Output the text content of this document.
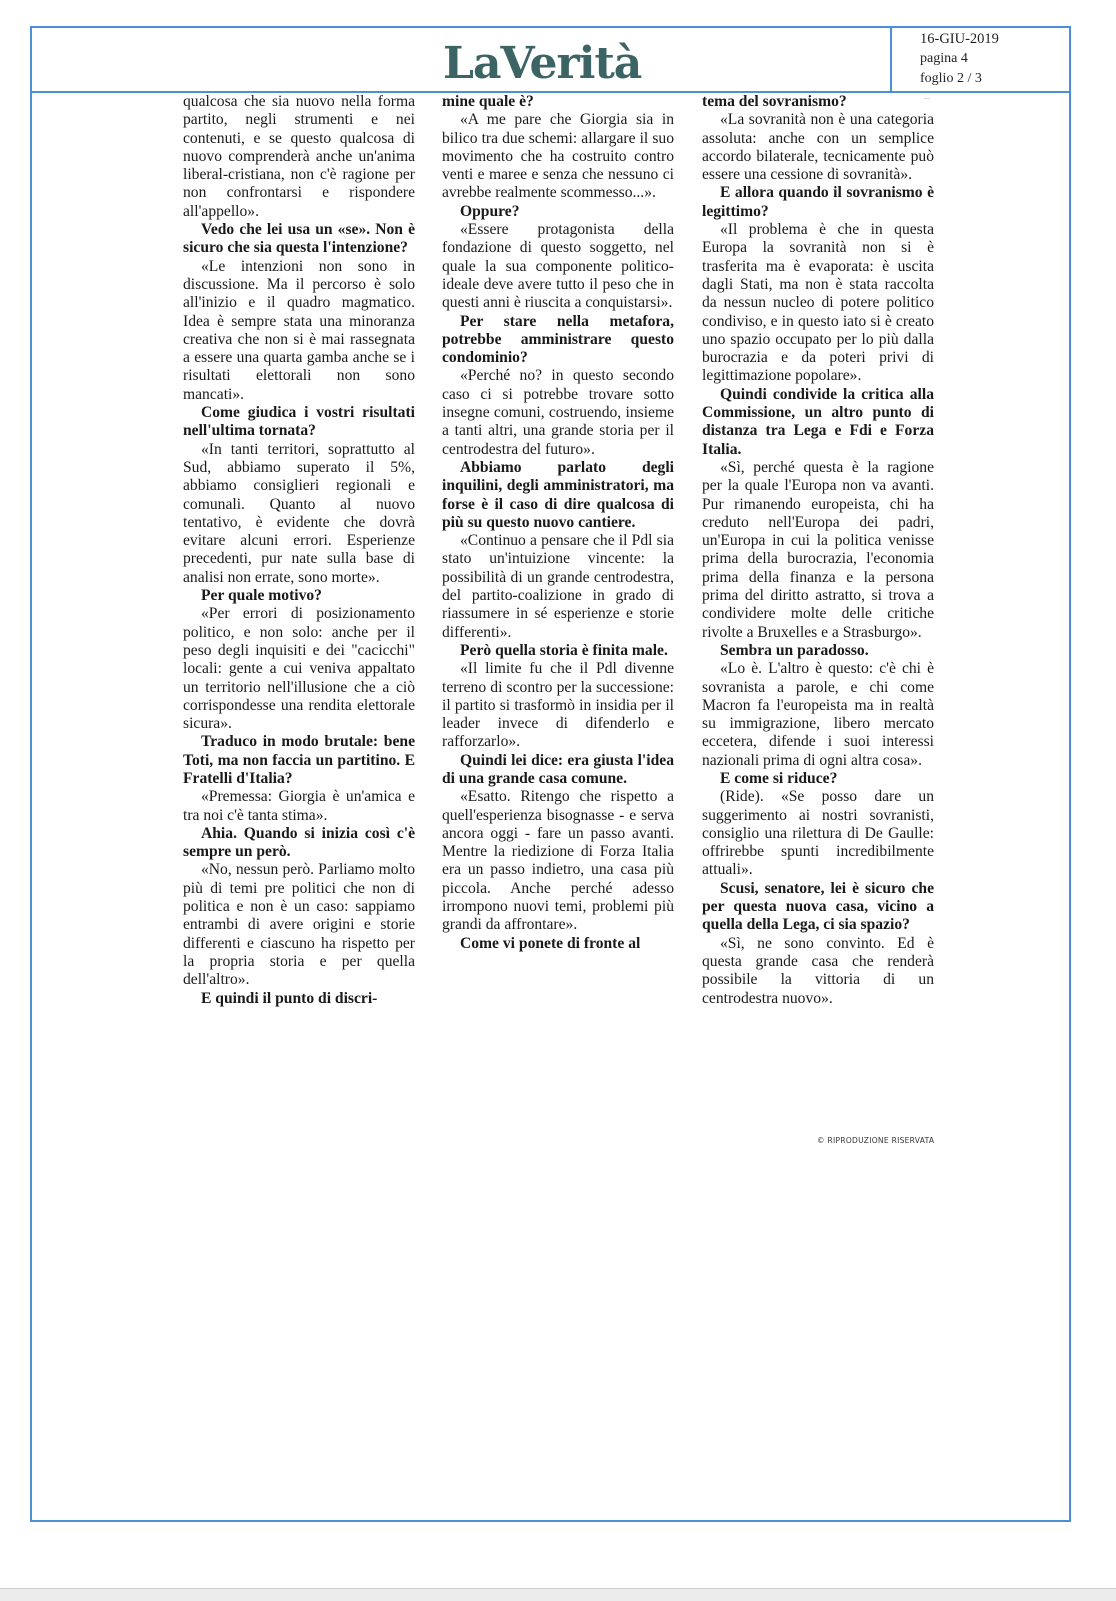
LaVerità	16-GIU-2019
pagina 4
foglio 2 / 3
···

qualcosa che sia nuovo nella forma partito, negli strumenti e nei contenuti, e se questo qualcosa di nuovo comprenderà anche un'anima liberal-cristiana, non c'è ragione per non confrontarsi e rispondere all'appello».

Vedo che lei usa un «se». Non è sicuro che sia questa l'intenzione?

«Le intenzioni non sono in discussione. Ma il percorso è solo all'inizio e il quadro magmatico. Idea è sempre stata una minoranza creativa che non si è mai rassegnata a essere una quarta gamba anche se i risultati elettorali non sono mancati».

Come giudica i vostri risultati nell'ultima tornata?

«In tanti territori, soprattutto al Sud, abbiamo superato il 5%, abbiamo consiglieri regionali e comunali. Quanto al nuovo tentativo, è evidente che dovrà evitare alcuni errori. Esperienze precedenti, pur nate sulla base di analisi non errate, sono morte».

Per quale motivo?

«Per errori di posizionamento politico, e non solo: anche per il peso degli inquisiti e dei "cacicchi" locali: gente a cui veniva appaltato un territorio nell'illusione che a ciò corrispondesse una rendita elettorale sicura».

Traduco in modo brutale: bene Toti, ma non faccia un partitino. E Fratelli d'Italia?

«Premessa: Giorgia è un'amica e tra noi c'è tanta stima».

Ahia. Quando si inizia così c'è sempre un però.

«No, nessun però. Parliamo molto più di temi pre politici che non di politica e non è un caso: sappiamo entrambi di avere origini e storie differenti e ciascuno ha rispetto per la propria storia e per quella dell'altro».

E quindi il punto di discri-

mine quale è?

«A me pare che Giorgia sia in bilico tra due schemi: allargare il suo movimento che ha costruito contro venti e maree e senza che nessuno ci avrebbe realmente scommesso...».

Oppure?

«Essere protagonista della fondazione di questo soggetto, nel quale la sua componente politico-ideale deve avere tutto il peso che in questi anni è riuscita a conquistarsi».

Per stare nella metafora, potrebbe amministrare questo condominio?

«Perché no? in questo secondo caso ci si potrebbe trovare sotto insegne comuni, costruendo, insieme a tanti altri, una grande storia per il centrodestra del futuro».

Abbiamo parlato degli inquilini, degli amministratori, ma forse è il caso di dire qualcosa di più su questo nuovo cantiere.

«Continuo a pensare che il Pdl sia stato un'intuizione vincente: la possibilità di un grande centrodestra, del partito-coalizione in grado di riassumere in sé esperienze e storie differenti».

Però quella storia è finita male.

«Il limite fu che il Pdl divenne terreno di scontro per la successione: il partito si trasformò in insidia per il leader invece di difenderlo e rafforzarlo».

Quindi lei dice: era giusta l'idea di una grande casa comune.

«Esatto. Ritengo che rispetto a quell'esperienza bisognasse - e serva ancora oggi - fare un passo avanti. Mentre la riedizione di Forza Italia era un passo indietro, una casa più piccola. Anche perché adesso irrompono nuovi temi, problemi più grandi da affrontare».

Come vi ponete di fronte al

tema del sovranismo?

«La sovranità non è una categoria assoluta: anche con un semplice accordo bilaterale, tecnicamente può essere una cessione di sovranità».

E allora quando il sovranismo è legittimo?

«Il problema è che in questa Europa la sovranità non si è trasferita ma è evaporata: è uscita dagli Stati, ma non è stata raccolta da nessun nucleo di potere politico condiviso, e in questo iato si è creato uno spazio occupato per lo più dalla burocrazia e da poteri privi di legittimazione popolare».

Quindi condivide la critica alla Commissione, un altro punto di distanza tra Lega e Fdi e Forza Italia.

«Sì, perché questa è la ragione per la quale l'Europa non va avanti. Pur rimanendo europeista, chi ha creduto nell'Europa dei padri, un'Europa in cui la politica venisse prima della burocrazia, l'economia prima della finanza e la persona prima del diritto astratto, si trova a condividere molte delle critiche rivolte a Bruxelles e a Strasburgo».

Sembra un paradosso.

«Lo è. L'altro è questo: c'è chi è sovranista a parole, e chi come Macron fa l'europeista ma in realtà su immigrazione, libero mercato eccetera, difende i suoi interessi nazionali prima di ogni altra cosa».

E come si riduce?

(Ride). «Se posso dare un suggerimento ai nostri sovranisti, consiglio una rilettura di De Gaulle: offrirebbe spunti incredibilmente attuali».

Scusi, senatore, lei è sicuro che per questa nuova casa, vicino a quella della Lega, ci sia spazio?

«Sì, ne sono convinto. Ed è questa grande casa che renderà possibile la vittoria di un centrodestra nuovo».

© RIPRODUZIONE RISERVATA
